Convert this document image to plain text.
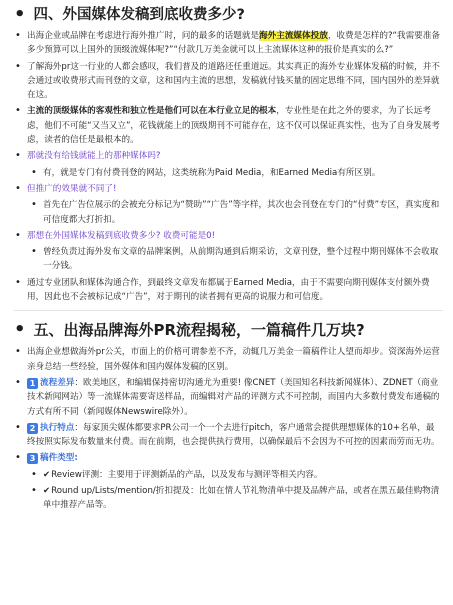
• 四、外国媒体发稿到底收费多少?
• 出海企业或品牌在考虑进行海外推广时，问的最多的话题就是海外主流媒体投放，收费是怎样的?“我需要准备多少预算可以上国外的顶级流媒体呢?”“付款几万美金就可以上主流媒体这种的报价是真实的么?”
• 了解海外pr这一行业的人都会感叹，我们普及的道路还任重道远。其实真正的海外专业媒体发稿的时候，并不会通过或收费形式而刊登的文章，这和国内主流的思想，发稿就付钱买量的固定思维不同，国内国外的差异就在这。
• 主流的顶级媒体的客观性和独立性是他们可以在本行业立足的根本，专业性是在此之外的要求，为了长远考虑，他们不可能“又当又立”，花钱就能上的顶级期刊不可能存在，这不仅可以保证真实性，也为了自身发展考虑，读者的信任是最根本的。
• 那就没有给钱就能上的那种媒体吗?
• 有，就是专门有付费刊登的网站，这类统称为Paid Media，和Earned Media有所区别。
• 但推广的效果就不同了!
• 首先在广告位展示的会被充分标记为“赞助”“广告”等字样，其次也会刊登在专门的“付费”专区，真实度和可信度都大打折扣。
• 那想在外国媒体发稿到底收费多少? 收费可能是0!
• 曾经负责过海外发布文章的品牌案例，从前期沟通到后期采访，文章刊登，整个过程中期刊媒体不会收取一分钱。
• 通过专业团队和媒体沟通合作，到最终文章发布都属于Earned Media，由于不需要向期刊媒体支付额外费用，因此也不会被标记成“广告”，对于期刊的读者拥有更高的说服力和可信度。
• 五、出海品牌海外PR流程揭秘，一篇稿件几万块?
• 出海企业想做海外pr公关，市面上的价格可谓参差不齐，动辄几万美金一篇稿件让人望而却步。资深海外运营亲身总结一些经验，国外媒体和国内媒体发稿的区别。
• 1 流程差异：欧美地区，和编辑保持密切沟通尤为重要! 像CNET（美国知名科技新闻媒体）、ZDNET（商业技术新闻网站）等一流媒体需要寄送样品，而编辑对产品的评测方式不可控制，而国内大多数付费发布通稿的方式有所不同（新闻媒体Newswire除外）。
• 2 执行特点：每家顶尖媒体都要求PR公司一个一个去进行pitch，客户通常会提供理想媒体的10+名单，最终按照实际发布数量来付费。而在前期，也会提供执行费用，以确保最后不会因为不可控的因素而劳而无功。
• 3 稿件类型:
• ✔Review评测：主要用于评测新品的产品，以及发布与测评等相关内容。
• ✔Round up/Lists/mention/折扣提及：比如在情人节礼物清单中提及品牌产品，或者在黑五最佳购物清单中推荐产品等。
